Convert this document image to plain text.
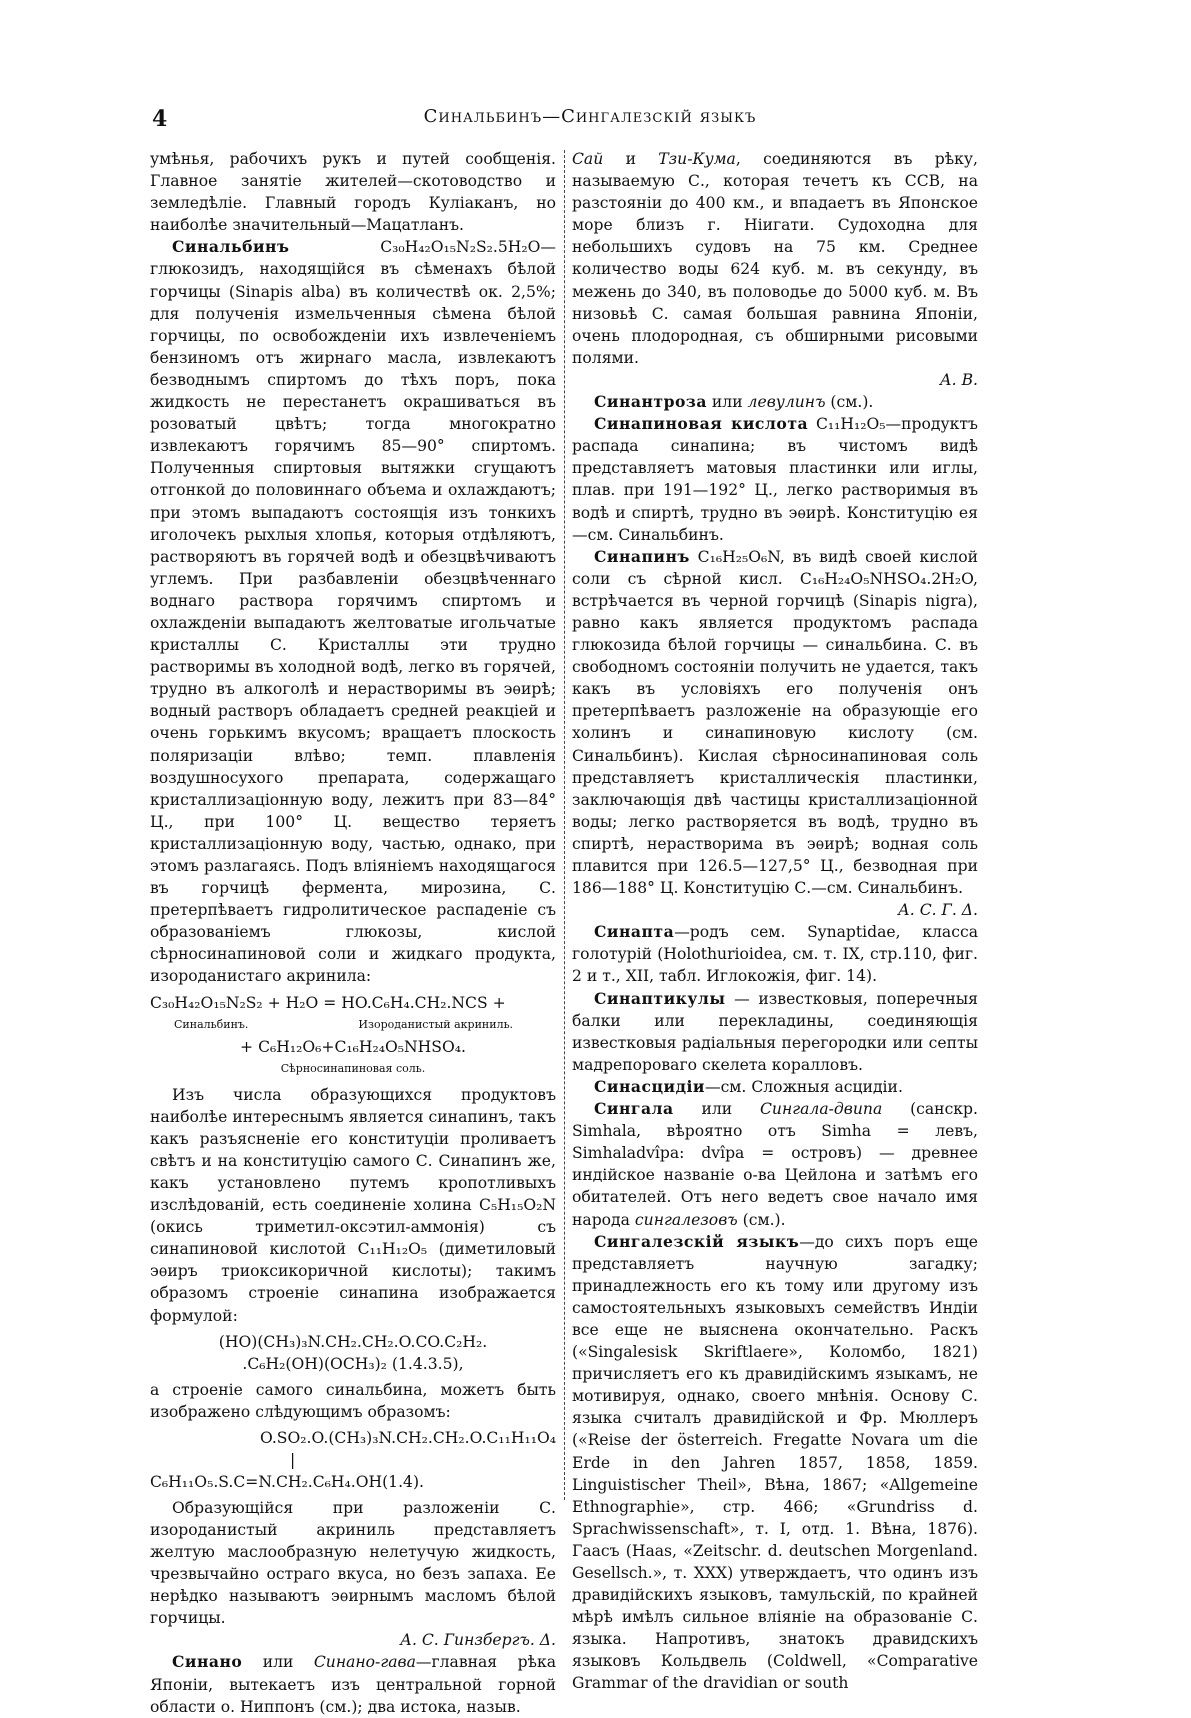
4	Синальбинъ—Сингалезскій языкъ

умѣнья, рабочихъ рукъ и путей сообщенія. Главное занятіе жителей—скотоводство и земледѣліе. Главный городъ Куліаканъ, но наиболѣе значительный—Мацатланъ.

Синальбинъ	C₃₀H₄₂O₁₅N₂S₂.5H₂O—глюкозидъ, находящійся въ сѣменахъ бѣлой горчицы (Sinapis alba) въ количествѣ ок. 2,5%; для полученія измельченныя сѣмена бѣлой горчицы, по освобожденіи ихъ извлеченіемъ бензиномъ отъ жирнаго масла, извлекаютъ безводнымъ спиртомъ до тѣхъ поръ, пока жидкость не перестанетъ окрашиваться въ розоватый цвѣтъ; тогда многократно извлекаютъ горячимъ 85—90° спиртомъ. Полученныя спиртовыя вытяжки сгущаютъ отгонкой до половиннаго объема и охлаждаютъ; при этомъ выпадаютъ состоящія изъ тонкихъ иголочекъ рыхлыя хлопья, которыя отдѣляютъ, растворяютъ въ горячей водѣ и обезцвѣчиваютъ углемъ. При разбавленіи обезцвѣченнаго воднаго раствора горячимъ спиртомъ и охлажденіи выпадаютъ желтоватые игольчатые кристаллы С. Кристаллы эти трудно растворимы въ холодной водѣ, легко въ горячей, трудно въ алкоголѣ и нерастворимы въ эѳирѣ; водный растворъ обладаетъ средней реакціей и очень горькимъ вкусомъ; вращаетъ плоскость поляризаціи влѣво; темп. плавленія воздушносухого препарата, содержащаго кристаллизаціонную воду, лежитъ при 83—84° Ц., при 100° Ц. вещество теряетъ кристаллизаціонную воду, частью, однако, при этомъ разлагаясь. Подъ вліяніемъ находящагося въ горчицѣ фермента, мирозина, С. претерпѣваетъ гидролитическое распаденіе съ образованіемъ глюкозы, кислой сѣрносинапиновой соли и жидкаго продукта, изороданистаго акринила:

C₃₀H₄₂O₁₅N₂S₂ + H₂O = HO.C₆H₄.CH₂.NCS +
Синальбинъ.	Изороданистый акриниль.
+ C₆H₁₂O₆+C₁₆H₂₄O₅NHSO₄.
Сѣрносинапиновая соль.

Изъ числа образующихся продуктовъ наиболѣе интереснымъ является синапинъ, такъ какъ разъясненіе его конституціи проливаетъ свѣтъ и на конституцію самого С. Синапинъ же, какъ установлено путемъ кропотливыхъ изслѣдованій, есть соединеніе холина C₅H₁₅O₂N (окись триметил-оксэтил-аммонія) съ синапиновой кислотой C₁₁H₁₂O₅ (диметиловый эѳиръ триоксикоричной кислоты); такимъ образомъ строеніе синапина изображается формулой:

(HO)(CH₃)₃N.CH₂.CH₂.O.CO.C₂H₂.
.C₆H₂(OH)(OCH₃)₂ (1.4.3.5),

а строеніе самого синальбина, можетъ быть изображено слѣдующимъ образомъ:

O.SO₂.O.(CH₃)₃N.CH₂.CH₂.O.C₁₁H₁₁O₄
|
C₆H₁₁O₅.S.C=N.CH₂.C₆H₄.OH(1.4).

Образующійся при разложеніи С. изороданистый акриниль представляетъ желтую маслообразную нелетучую жидкость, чрезвычайно остраго вкуса, но безъ запаха. Ее нерѣдко называютъ эѳирнымъ масломъ бѣлой горчицы.

А. С. Гинзбергъ. Δ.

Синано или Синано-гава—главная рѣка Японіи, вытекаетъ изъ центральной горной области о. Ниппонъ (см.); два истока, назыв.

Сай и Тзи-Кума, соединяются въ рѣку, называемую С., которая течетъ къ ССВ, на разстояніи до 400 км., и впадаетъ въ Японское море близъ г. Ніигати. Судоходна для небольшихъ судовъ на 75 км. Среднее количество воды 624 куб. м. въ секунду, въ межень до 340, въ половодье до 5000 куб. м. Въ низовьѣ С. самая большая равнина Японіи, очень плодородная, съ обширными рисовыми полями.

А. В.

Синантроза или левулинъ (см.).

Синапиновая кислота C₁₁H₁₂O₅—продуктъ распада синапина; въ чистомъ видѣ представляетъ матовыя пластинки или иглы, плав. при 191—192° Ц., легко растворимыя въ водѣ и спиртѣ, трудно въ эѳирѣ. Конституцію ея—см. Синальбинъ.

Синапинъ C₁₆H₂₅O₆N, въ видѣ своей кислой соли съ сѣрной кисл. C₁₆H₂₄O₅NHSO₄.2H₂O, встрѣчается въ черной горчицѣ (Sinapis nigra), равно какъ является продуктомъ распада глюкозида бѣлой горчицы — синальбина. С. въ свободномъ состояніи получить не удается, такъ какъ въ условіяхъ его полученія онъ претерпѣваетъ разложеніе на образующіе его холинъ и синапиновую кислоту (см. Синальбинъ). Кислая сѣрносинапиновая соль представляетъ кристаллическія пластинки, заключающія двѣ частицы кристаллизаціонной воды; легко растворяется въ водѣ, трудно въ спиртѣ, нерастворима въ эѳирѣ; водная соль плавится при 126.5—127,5° Ц., безводная при 186—188° Ц. Конституцію С.—см. Синальбинъ.

А. С. Г. Δ.

Синапта—родъ сем. Synaptidae, класса голотурій (Holothurioidea, см. т. IX, стр.110, фиг. 2 и т., XII, табл. Иглокожія, фиг. 14).

Синаптикулы — известковыя, поперечныя балки или перекладины, соединяющія известковыя радіальныя перегородки или септы мадрепороваго скелета коралловъ.

Синасцидіи—см. Сложныя асцидіи.

Сингала или Сингала-двипа (санскр. Simhala, вѣроятно отъ Simha = левъ, Simhaladvîpa: dvîpa = островъ) — древнее индійское названіе о-ва Цейлона и затѣмъ его обитателей. Отъ него ведетъ свое начало имя народа сингалезовъ (см.).

Сингалезскій языкъ—до сихъ поръ еще представляетъ научную загадку; принадлежность его къ тому или другому изъ самостоятельныхъ языковыхъ семействъ Индіи все еще не выяснена окончательно. Раскъ («Singalesisk Skriftlaere», Коломбо, 1821) причисляетъ его къ дравидійскимъ языкамъ, не мотивируя, однако, своего мнѣнія. Основу С. языка считалъ дравидійской и Фр. Мюллеръ («Reise der österreich. Fregatte Novara um die Erde in den Jahren 1857, 1858, 1859. Linguistischer Theil», Вѣна, 1867; «Allgemeine Ethnographie», стр. 466; «Grundriss d. Sprachwissenschaft», т. I, отд. 1. Вѣна, 1876). Гаасъ (Haas, «Zeitschr. d. deutschen Morgenland. Gesellsch.», т. XXX) утверждаетъ, что одинъ изъ дравидійскихъ языковъ, тамульскій, по крайней мѣрѣ имѣлъ сильное вліяніе на образованіе С. языка. Напротивъ, знатокъ дравидскихъ языковъ Кольдвель (Coldwell, «Comparative Grammar of the dravidian or south
